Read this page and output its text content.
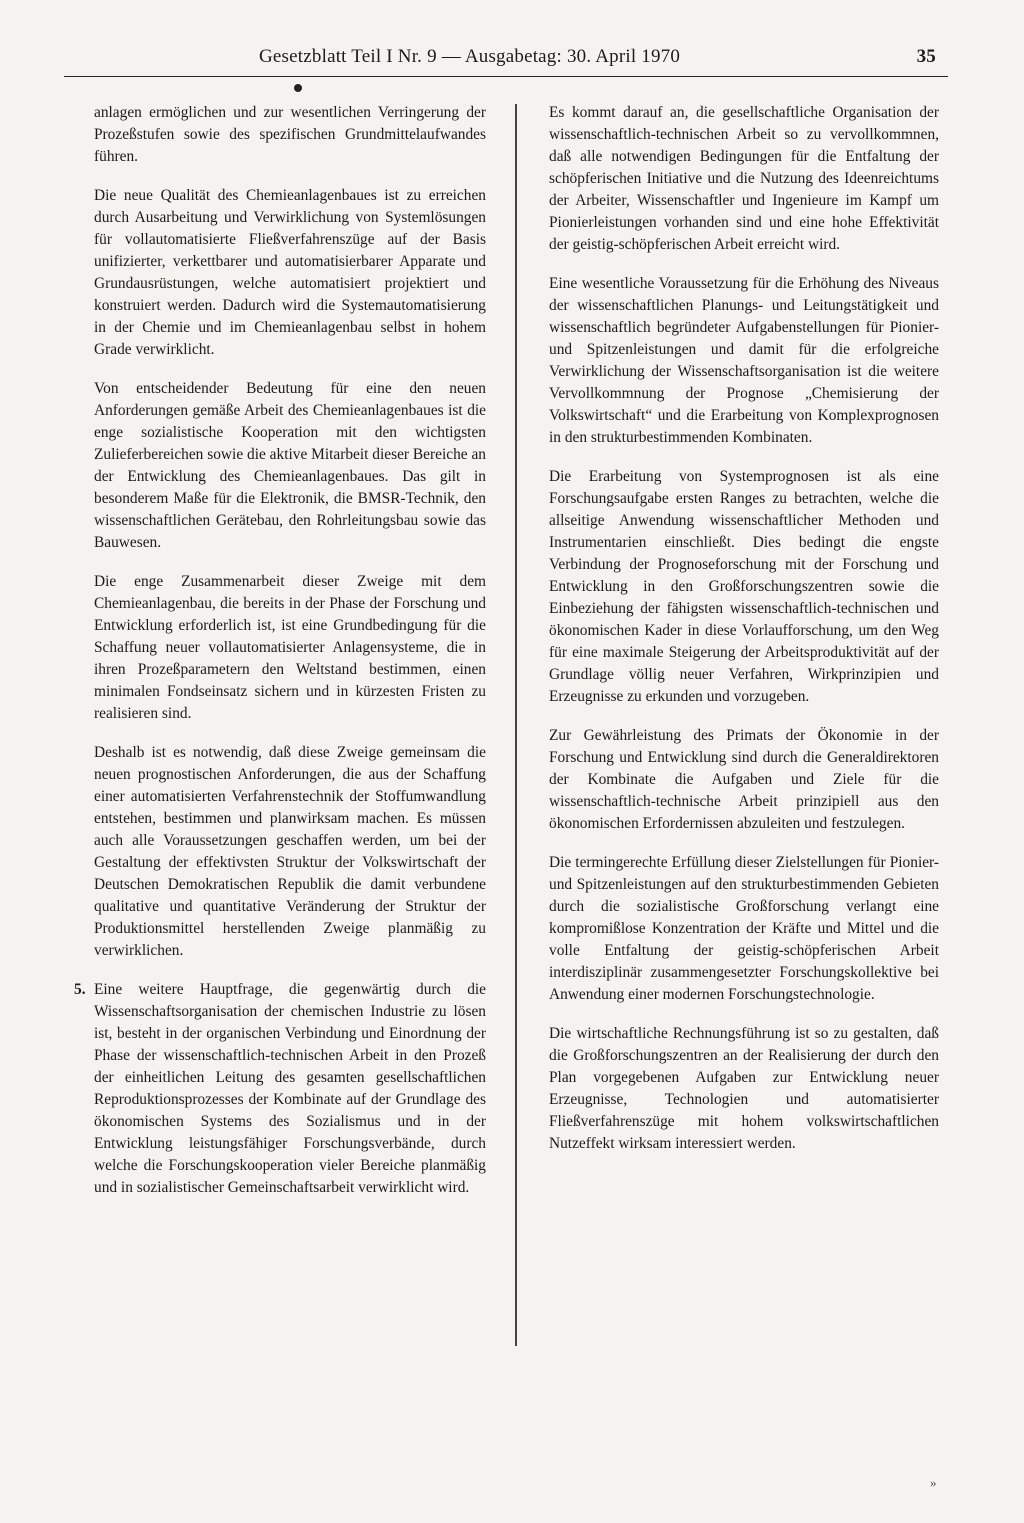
Gesetzblatt Teil I Nr. 9 — Ausgabetag: 30. April 1970	35

anlagen ermöglichen und zur wesentlichen Verringerung der Prozeßstufen sowie des spezifischen Grundmittelaufwandes führen.

Die neue Qualität des Chemieanlagenbaues ist zu erreichen durch Ausarbeitung und Verwirklichung von Systemlösungen für vollautomatisierte Fließverfahrenszüge auf der Basis unifizierter, verkettbarer und automatisierbarer Apparate und Grundausrüstungen, welche automatisiert projektiert und konstruiert werden. Dadurch wird die Systemautomatisierung in der Chemie und im Chemieanlagenbau selbst in hohem Grade verwirklicht.

Von entscheidender Bedeutung für eine den neuen Anforderungen gemäße Arbeit des Chemieanlagenbaues ist die enge sozialistische Kooperation mit den wichtigsten Zulieferbereichen sowie die aktive Mitarbeit dieser Bereiche an der Entwicklung des Chemieanlagenbaues. Das gilt in besonderem Maße für die Elektronik, die BMSR-Technik, den wissenschaftlichen Gerätebau, den Rohrleitungsbau sowie das Bauwesen.

Die enge Zusammenarbeit dieser Zweige mit dem Chemieanlagenbau, die bereits in der Phase der Forschung und Entwicklung erforderlich ist, ist eine Grundbedingung für die Schaffung neuer vollautomatisierter Anlagensysteme, die in ihren Prozeßparametern den Weltstand bestimmen, einen minimalen Fondseinsatz sichern und in kürzesten Fristen zu realisieren sind.

Deshalb ist es notwendig, daß diese Zweige gemeinsam die neuen prognostischen Anforderungen, die aus der Schaffung einer automatisierten Verfahrenstechnik der Stoffumwandlung entstehen, bestimmen und planwirksam machen. Es müssen auch alle Voraussetzungen geschaffen werden, um bei der Gestaltung der effektivsten Struktur der Volkswirtschaft der Deutschen Demokratischen Republik die damit verbundene qualitative und quantitative Veränderung der Struktur der Produktionsmittel herstellenden Zweige planmäßig zu verwirklichen.

5. Eine weitere Hauptfrage, die gegenwärtig durch die Wissenschaftsorganisation der chemischen Industrie zu lösen ist, besteht in der organischen Verbindung und Einordnung der Phase der wissenschaftlich-technischen Arbeit in den Prozeß der einheitlichen Leitung des gesamten gesellschaftlichen Reproduktionsprozesses der Kombinate auf der Grundlage des ökonomischen Systems des Sozialismus und in der Entwicklung leistungsfähiger Forschungsverbände, durch welche die Forschungskooperation vieler Bereiche planmäßig und in sozialistischer Gemeinschaftsarbeit verwirklicht wird.

Es kommt darauf an, die gesellschaftliche Organisation der wissenschaftlich-technischen Arbeit so zu vervollkommnen, daß alle notwendigen Bedingungen für die Entfaltung der schöpferischen Initiative und die Nutzung des Ideenreichtums der Arbeiter, Wissenschaftler und Ingenieure im Kampf um Pionierleistungen vorhanden sind und eine hohe Effektivität der geistig-schöpferischen Arbeit erreicht wird.

Eine wesentliche Voraussetzung für die Erhöhung des Niveaus der wissenschaftlichen Planungs- und Leitungstätigkeit und wissenschaftlich begründeter Aufgabenstellungen für Pionier- und Spitzenleistungen und damit für die erfolgreiche Verwirklichung der Wissenschaftsorganisation ist die weitere Vervollkommnung der Prognose „Chemisierung der Volkswirtschaft“ und die Erarbeitung von Komplexprognosen in den strukturbestimmenden Kombinaten.

Die Erarbeitung von Systemprognosen ist als eine Forschungsaufgabe ersten Ranges zu betrachten, welche die allseitige Anwendung wissenschaftlicher Methoden und Instrumentarien einschließt. Dies bedingt die engste Verbindung der Prognoseforschung mit der Forschung und Entwicklung in den Großforschungszentren sowie die Einbeziehung der fähigsten wissenschaftlich-technischen und ökonomischen Kader in diese Vorlaufforschung, um den Weg für eine maximale Steigerung der Arbeitsproduktivität auf der Grundlage völlig neuer Verfahren, Wirkprinzipien und Erzeugnisse zu erkunden und vorzugeben.

Zur Gewährleistung des Primats der Ökonomie in der Forschung und Entwicklung sind durch die Generaldirektoren der Kombinate die Aufgaben und Ziele für die wissenschaftlich-technische Arbeit prinzipiell aus den ökonomischen Erfordernissen abzuleiten und festzulegen.

Die termingerechte Erfüllung dieser Zielstellungen für Pionier- und Spitzenleistungen auf den strukturbestimmenden Gebieten durch die sozialistische Großforschung verlangt eine kompromißlose Konzentration der Kräfte und Mittel und die volle Entfaltung der geistig-schöpferischen Arbeit interdisziplinär zusammengesetzter Forschungskollektive bei Anwendung einer modernen Forschungstechnologie.

Die wirtschaftliche Rechnungsführung ist so zu gestalten, daß die Großforschungszentren an der Realisierung der durch den Plan vorgegebenen Aufgaben zur Entwicklung neuer Erzeugnisse, Technologien und automatisierter Fließverfahrenszüge mit hohem volkswirtschaftlichen Nutzeffekt wirksam interessiert werden.

»
